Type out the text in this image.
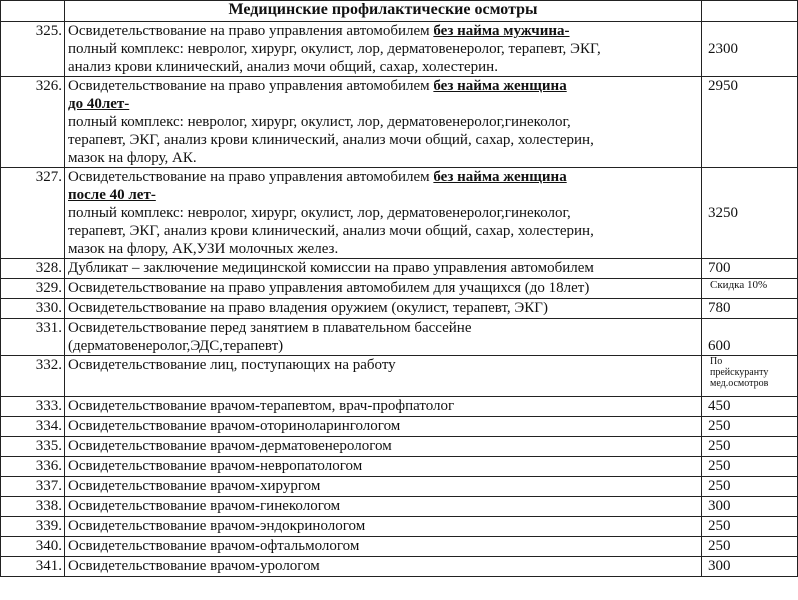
	Медицинские профилактические осмотры	
325.	Освидетельствование на право управления автомобилем без найма мужчина-
полный комплекс: невролог, хирург, окулист, лор, дерматовенеролог, терапевт, ЭКГ,
анализ крови клинический, анализ мочи общий, сахар, холестерин.	2300
326.	Освидетельствование на право управления автомобилем без найма женщина
до 40лет-
полный комплекс: невролог, хирург, окулист, лор, дерматовенеролог,гинеколог,
терапевт, ЭКГ, анализ крови клинический, анализ мочи общий, сахар, холестерин,
мазок на флору, АК.	2950
327.	Освидетельствование на право управления автомобилем без найма женщина
после 40 лет-
полный комплекс: невролог, хирург, окулист, лор, дерматовенеролог,гинеколог,
терапевт, ЭКГ, анализ крови клинический, анализ мочи общий, сахар, холестерин,
мазок на флору, АК,УЗИ молочных желез.	3250
328.	Дубликат – заключение медицинской комиссии на право управления автомобилем	700
329.	Освидетельствование на право управления автомобилем для учащихся (до 18лет)	Скидка 10%
330.	Освидетельствование на право владения оружием (окулист, терапевт, ЭКГ)	780
331.	Освидетельствование перед занятием в плавательном бассейне
(дерматовенеролог,ЭДС,терапевт)	600
332.	Освидетельствование лиц, поступающих на работу	По
прейскуранту
мед.осмотров
333.	Освидетельствование врачом-терапевтом, врач-профпатолог	450
334.	Освидетельствование врачом-оториноларингологом	250
335.	Освидетельствование врачом-дерматовенерологом	250
336.	Освидетельствование врачом-невропатологом	250
337.	Освидетельствование врачом-хирургом	250
338.	Освидетельствование врачом-гинекологом	300
339.	Освидетельствование врачом-эндокринологом	250
340.	Освидетельствование врачом-офтальмологом	250
341.	Освидетельствование врачом-урологом	300
